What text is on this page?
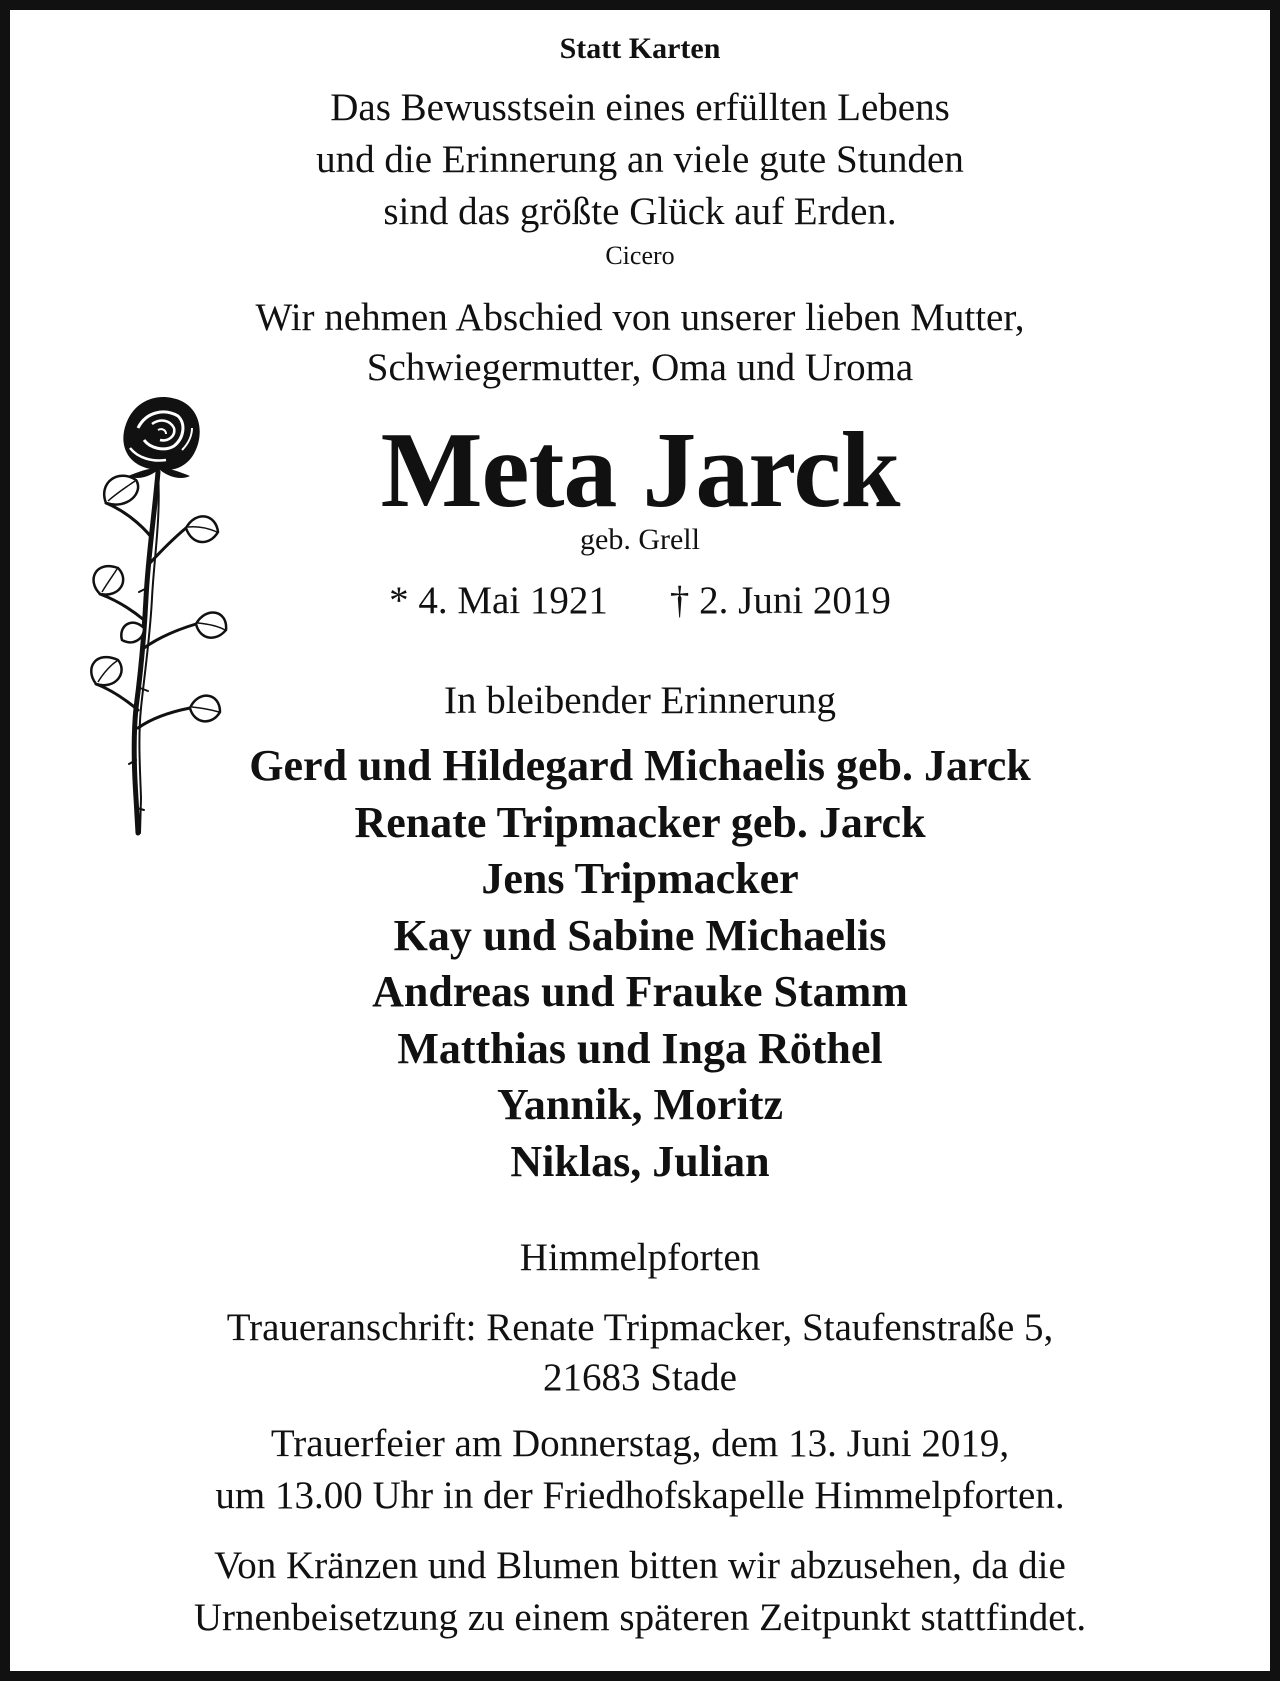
Statt Karten
Das Bewusstsein eines erfüllten Lebens
und die Erinnerung an viele gute Stunden
sind das größte Glück auf Erden.
Cicero
Wir nehmen Abschied von unserer lieben Mutter,
Schwiegermutter, Oma und Uroma
Meta Jarck
geb. Grell
* 4. Mai 1921 † 2. Juni 2019
In bleibender Erinnerung
Gerd und Hildegard Michaelis geb. Jarck
Renate Tripmacker geb. Jarck
Jens Tripmacker
Kay und Sabine Michaelis
Andreas und Frauke Stamm
Matthias und Inga Röthel
Yannik, Moritz
Niklas, Julian
Himmelpforten
Traueranschrift: Renate Tripmacker, Staufenstraße 5,
21683 Stade
Trauerfeier am Donnerstag, dem 13. Juni 2019,
um 13.00 Uhr in der Friedhofskapelle Himmelpforten.
Von Kränzen und Blumen bitten wir abzusehen, da die
Urnenbeisetzung zu einem späteren Zeitpunkt stattfindet.
